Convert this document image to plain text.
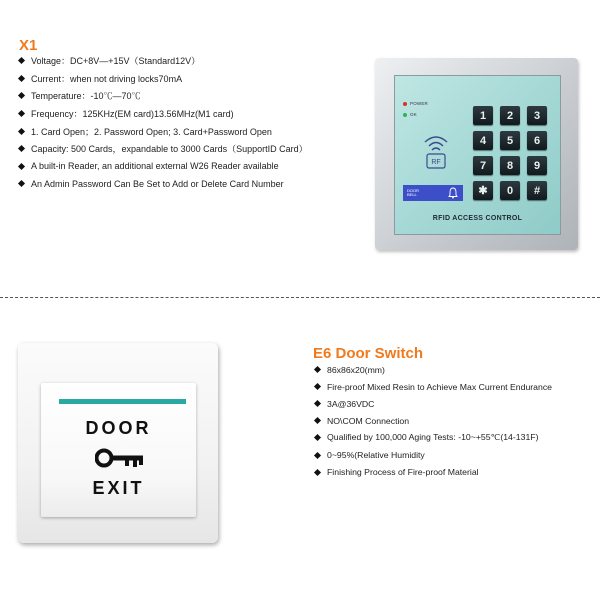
X1
Voltage：DC+8V—+15V（Standard12V）
Current：when not driving locks70mA
Temperature：-10℃—70℃
Frequency：125KHz(EM card)13.56MHz(M1 card)
1. Card Open；2. Password Open; 3. Card+Password Open
Capacity: 500 Cards，expandable to 3000 Cards（SupportID Card）
A built-in Reader, an additional external W26 Reader available
An Admin Password Can Be Set to Add or Delete Card Number
POWER
OK
RF
1	2	3
4	5	6
7	8	9
✱	0	#
DOOR BELL
RFID ACCESS CONTROL
DOOR
EXIT
E6 Door Switch
86x86x20(mm)
Fire-proof Mixed Resin to Achieve Max Current Endurance
3A@36VDC
NO\COM Connection
Qualified by 100,000 Aging Tests: -10~+55℃(14-131F)
0~95%(Relative Humidity
Finishing Process of Fire-proof Material
